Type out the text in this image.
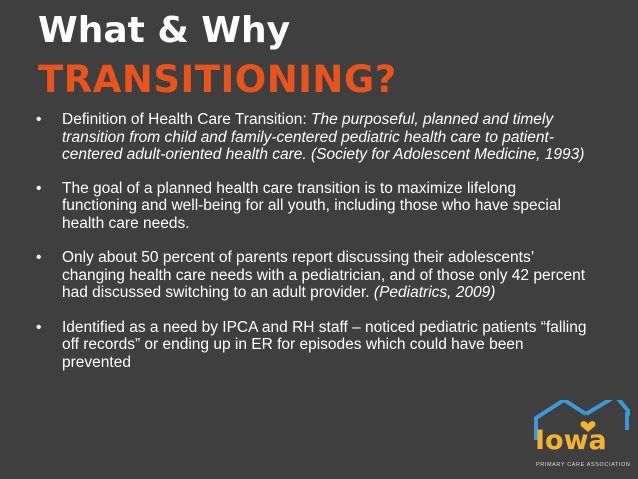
What & Why
TRANSITIONING?
• Definition of Health Care Transition: The purposeful, planned and timely transition from child and family-centered pediatric health care to patient-centered adult-oriented health care. (Society for Adolescent Medicine, 1993)
• The goal of a planned health care transition is to maximize lifelong functioning and well-being for all youth, including those who have special health care needs.
• Only about 50 percent of parents report discussing their adolescents’ changing health care needs with a pediatrician, and of those only 42 percent had discussed switching to an adult provider. (Pediatrics, 2009)
• Identified as a need by IPCA and RH staff – noticed pediatric patients “falling off records” or ending up in ER for episodes which could have been prevented
Iowa
PRIMARY CARE ASSOCIATION
